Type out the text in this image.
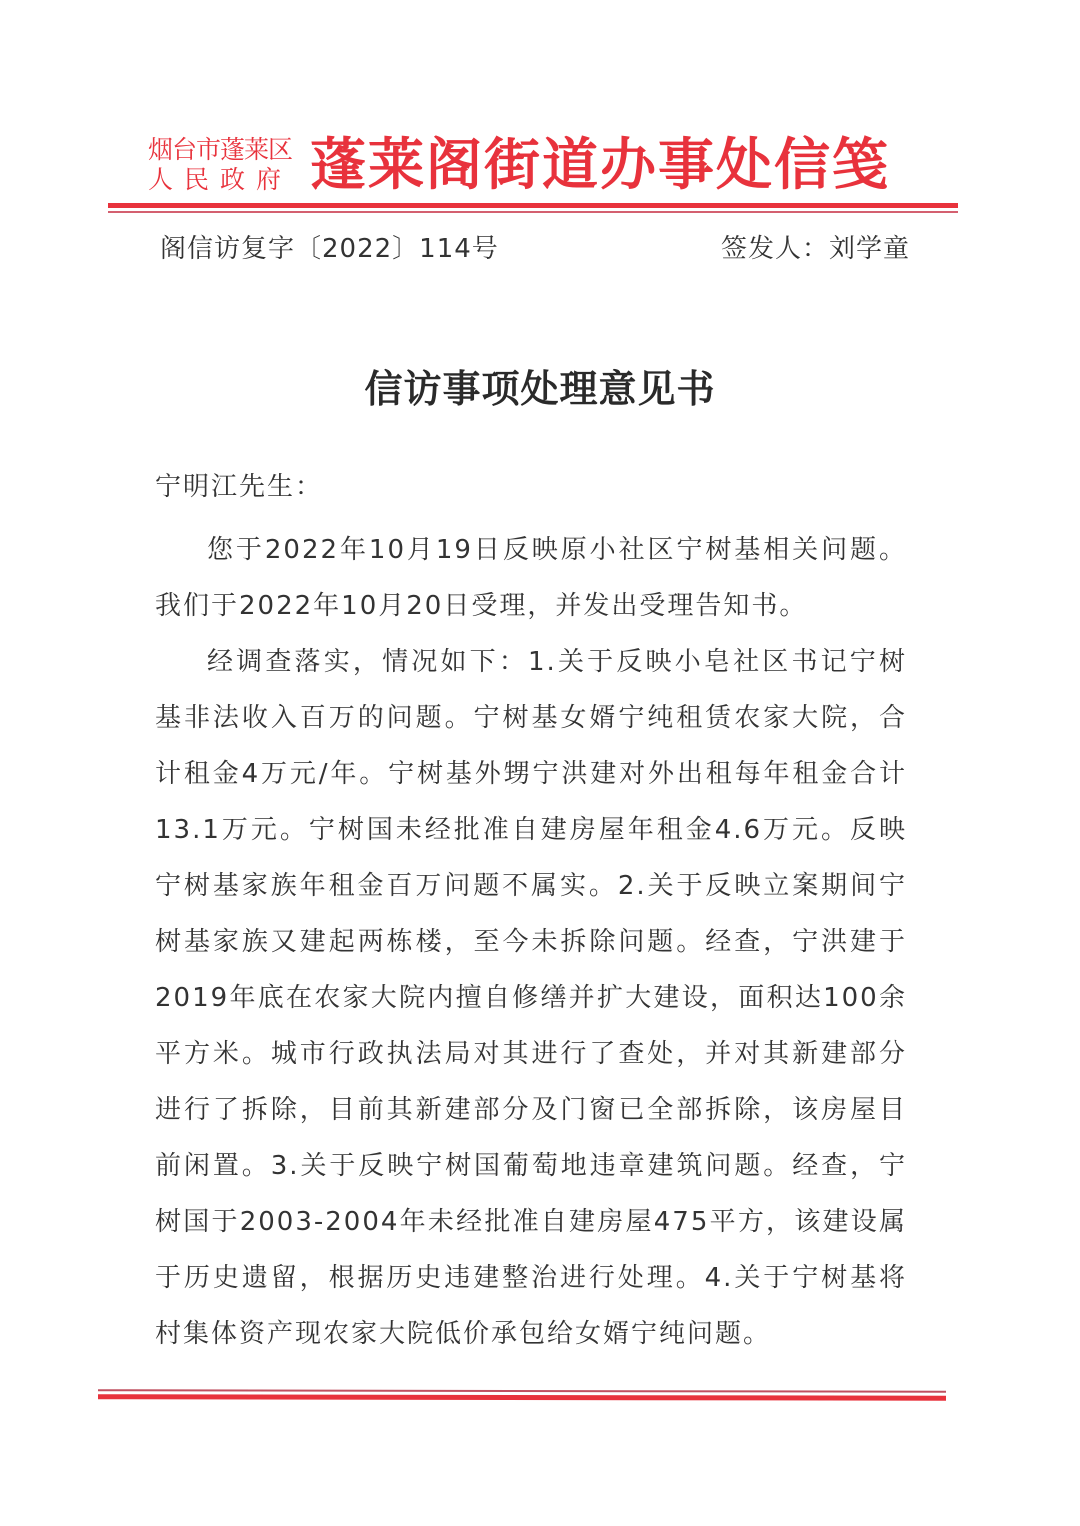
烟台市蓬莱区
人民政府 蓬莱阁街道办事处信笺
阁信访复字〔2022〕114号	签发人：刘学童
信访事项处理意见书
宁明江先生：

您于2022年10月19日反映原小社区宁树基相关问题。我们于2022年10月20日受理，并发出受理告知书。

经调查落实，情况如下：1.关于反映小皂社区书记宁树基非法收入百万的问题。宁树基女婿宁纯租赁农家大院，合计租金4万元/年。宁树基外甥宁洪建对外出租每年租金合计13.1万元。宁树国未经批准自建房屋年租金4.6万元。反映宁树基家族年租金百万问题不属实。2.关于反映立案期间宁树基家族又建起两栋楼，至今未拆除问题。经查，宁洪建于2019年底在农家大院内擅自修缮并扩大建设，面积达100余平方米。城市行政执法局对其进行了查处，并对其新建部分进行了拆除，目前其新建部分及门窗已全部拆除，该房屋目前闲置。3.关于反映宁树国葡萄地违章建筑问题。经查，宁树国于2003-2004年未经批准自建房屋475平方，该建设属于历史遗留，根据历史违建整治进行处理。4.关于宁树基将村集体资产现农家大院低价承包给女婿宁纯问题。
